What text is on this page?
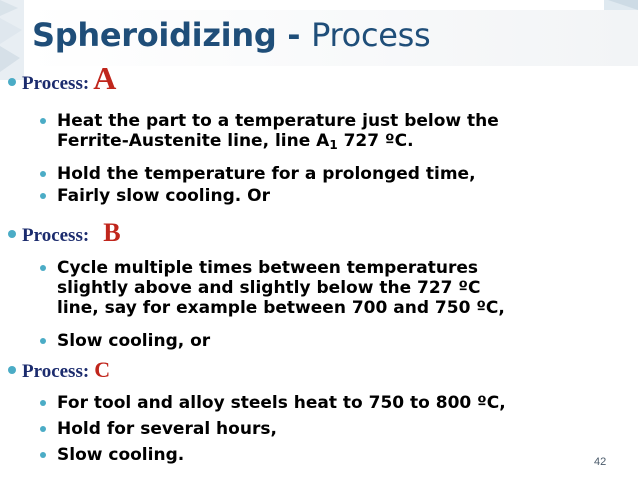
Spheroidizing - Process
Process: A
Heat the part to a temperature just below the
Ferrite-Austenite line, line $A_1$ 727 ºC.
Hold the temperature for a prolonged time,
Fairly slow cooling. Or
Process: B
Cycle multiple times between temperatures
slightly above and slightly below the 727 ºC
line, say for example between 700 and 750 ºC,
Slow cooling, or
Process: C
For tool and alloy steels heat to 750 to 800 ºC,
Hold for several hours,
Slow cooling.	42
